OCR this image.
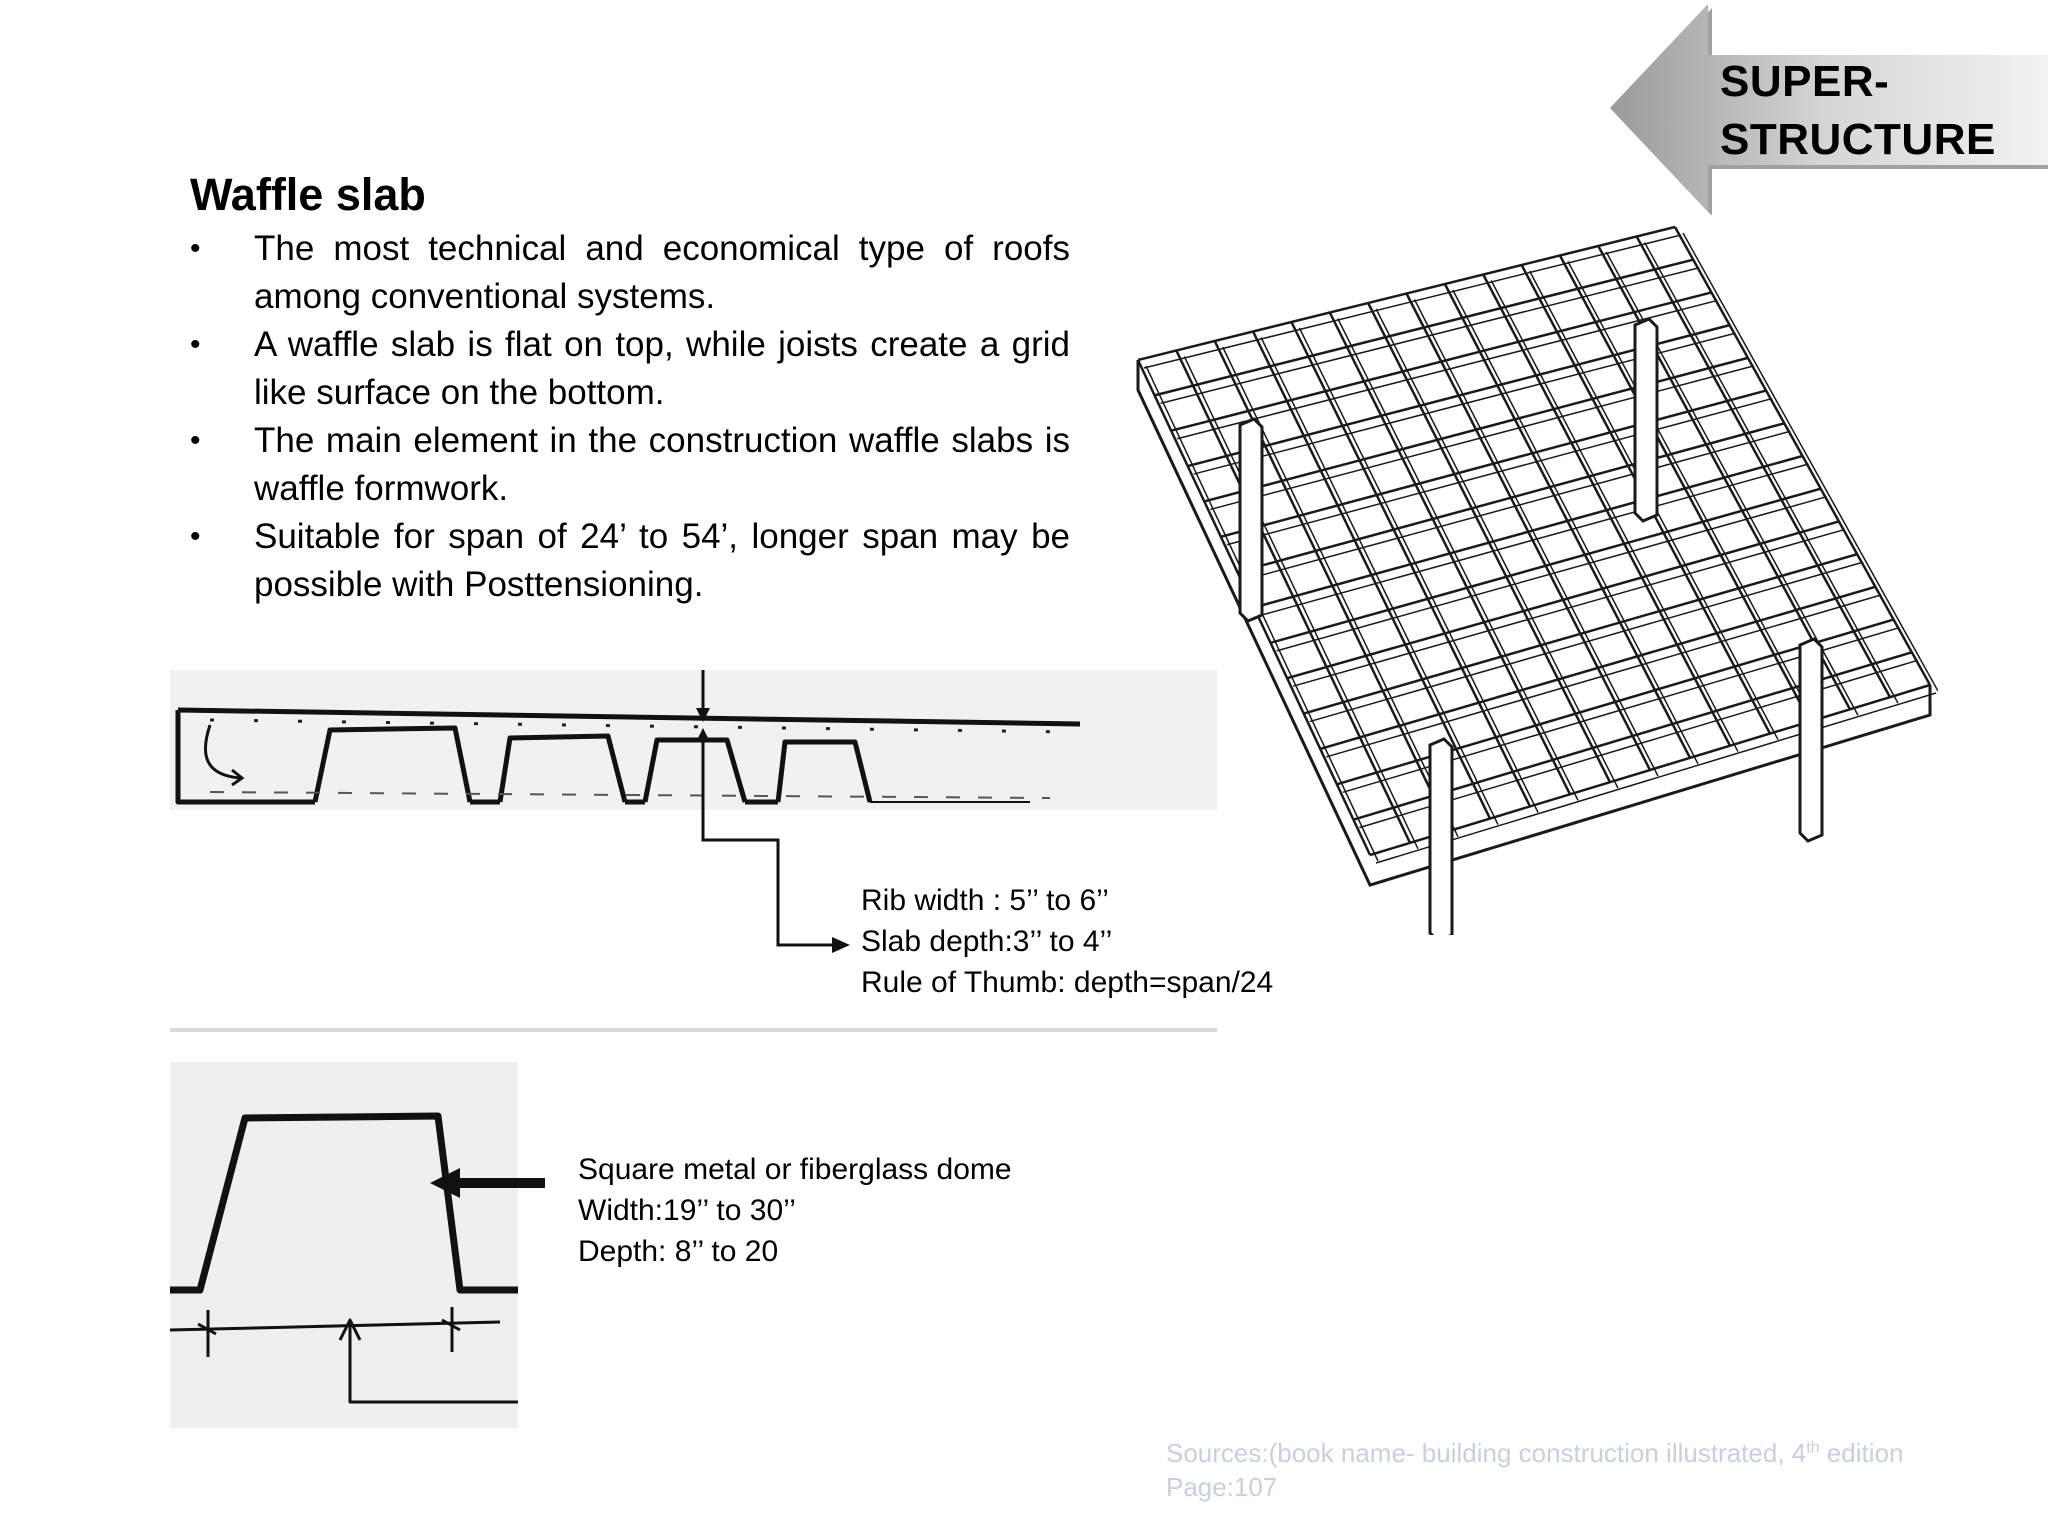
SUPER-
STRUCTURE
Waffle slab
• The most technical and economical type of roofs among conventional systems.
• A waffle slab is flat on top, while joists create a grid like surface on the bottom.
• The main element in the construction waffle slabs is waffle formwork.
• Suitable for span of 24’ to 54’, longer span may be possible with Posttensioning.
Rib width : 5’’ to 6’’
Slab depth:3’’ to 4’’
Rule of Thumb: depth=span/24
Square metal or fiberglass dome
Width:19’’ to 30’’
Depth: 8’’ to 20
Sources:(book name- building construction illustrated, 4th edition
Page:107
